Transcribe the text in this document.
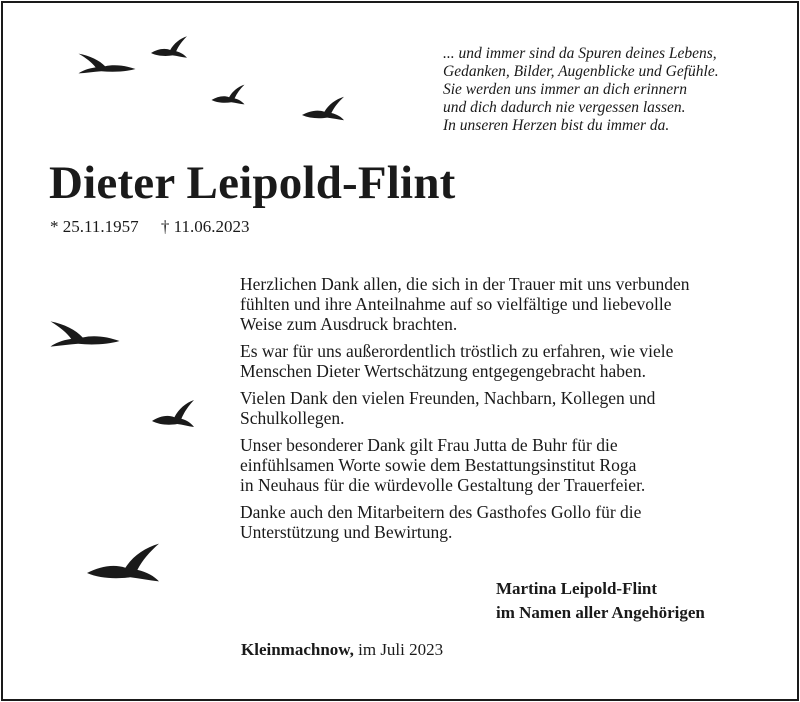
... und immer sind da Spuren deines Lebens,
Gedanken, Bilder, Augenblicke und Gefühle.
Sie werden uns immer an dich erinnern
und dich dadurch nie vergessen lassen.
In unseren Herzen bist du immer da.
Dieter Leipold-Flint
* 25.11.1957 † 11.06.2023

Herzlichen Dank allen, die sich in der Trauer mit uns verbunden
fühlten und ihre Anteilnahme auf so vielfältige und liebevolle
Weise zum Ausdruck brachten.

Es war für uns außerordentlich tröstlich zu erfahren, wie viele
Menschen Dieter Wertschätzung entgegengebracht haben.

Vielen Dank den vielen Freunden, Nachbarn, Kollegen und
Schulkollegen.

Unser besonderer Dank gilt Frau Jutta de Buhr für die
einfühlsamen Worte sowie dem Bestattungsinstitut Roga
in Neuhaus für die würdevolle Gestaltung der Trauerfeier.

Danke auch den Mitarbeitern des Gasthofes Gollo für die
Unterstützung und Bewirtung.

Martina Leipold-Flint
im Namen aller Angehörigen
Kleinmachnow, im Juli 2023
